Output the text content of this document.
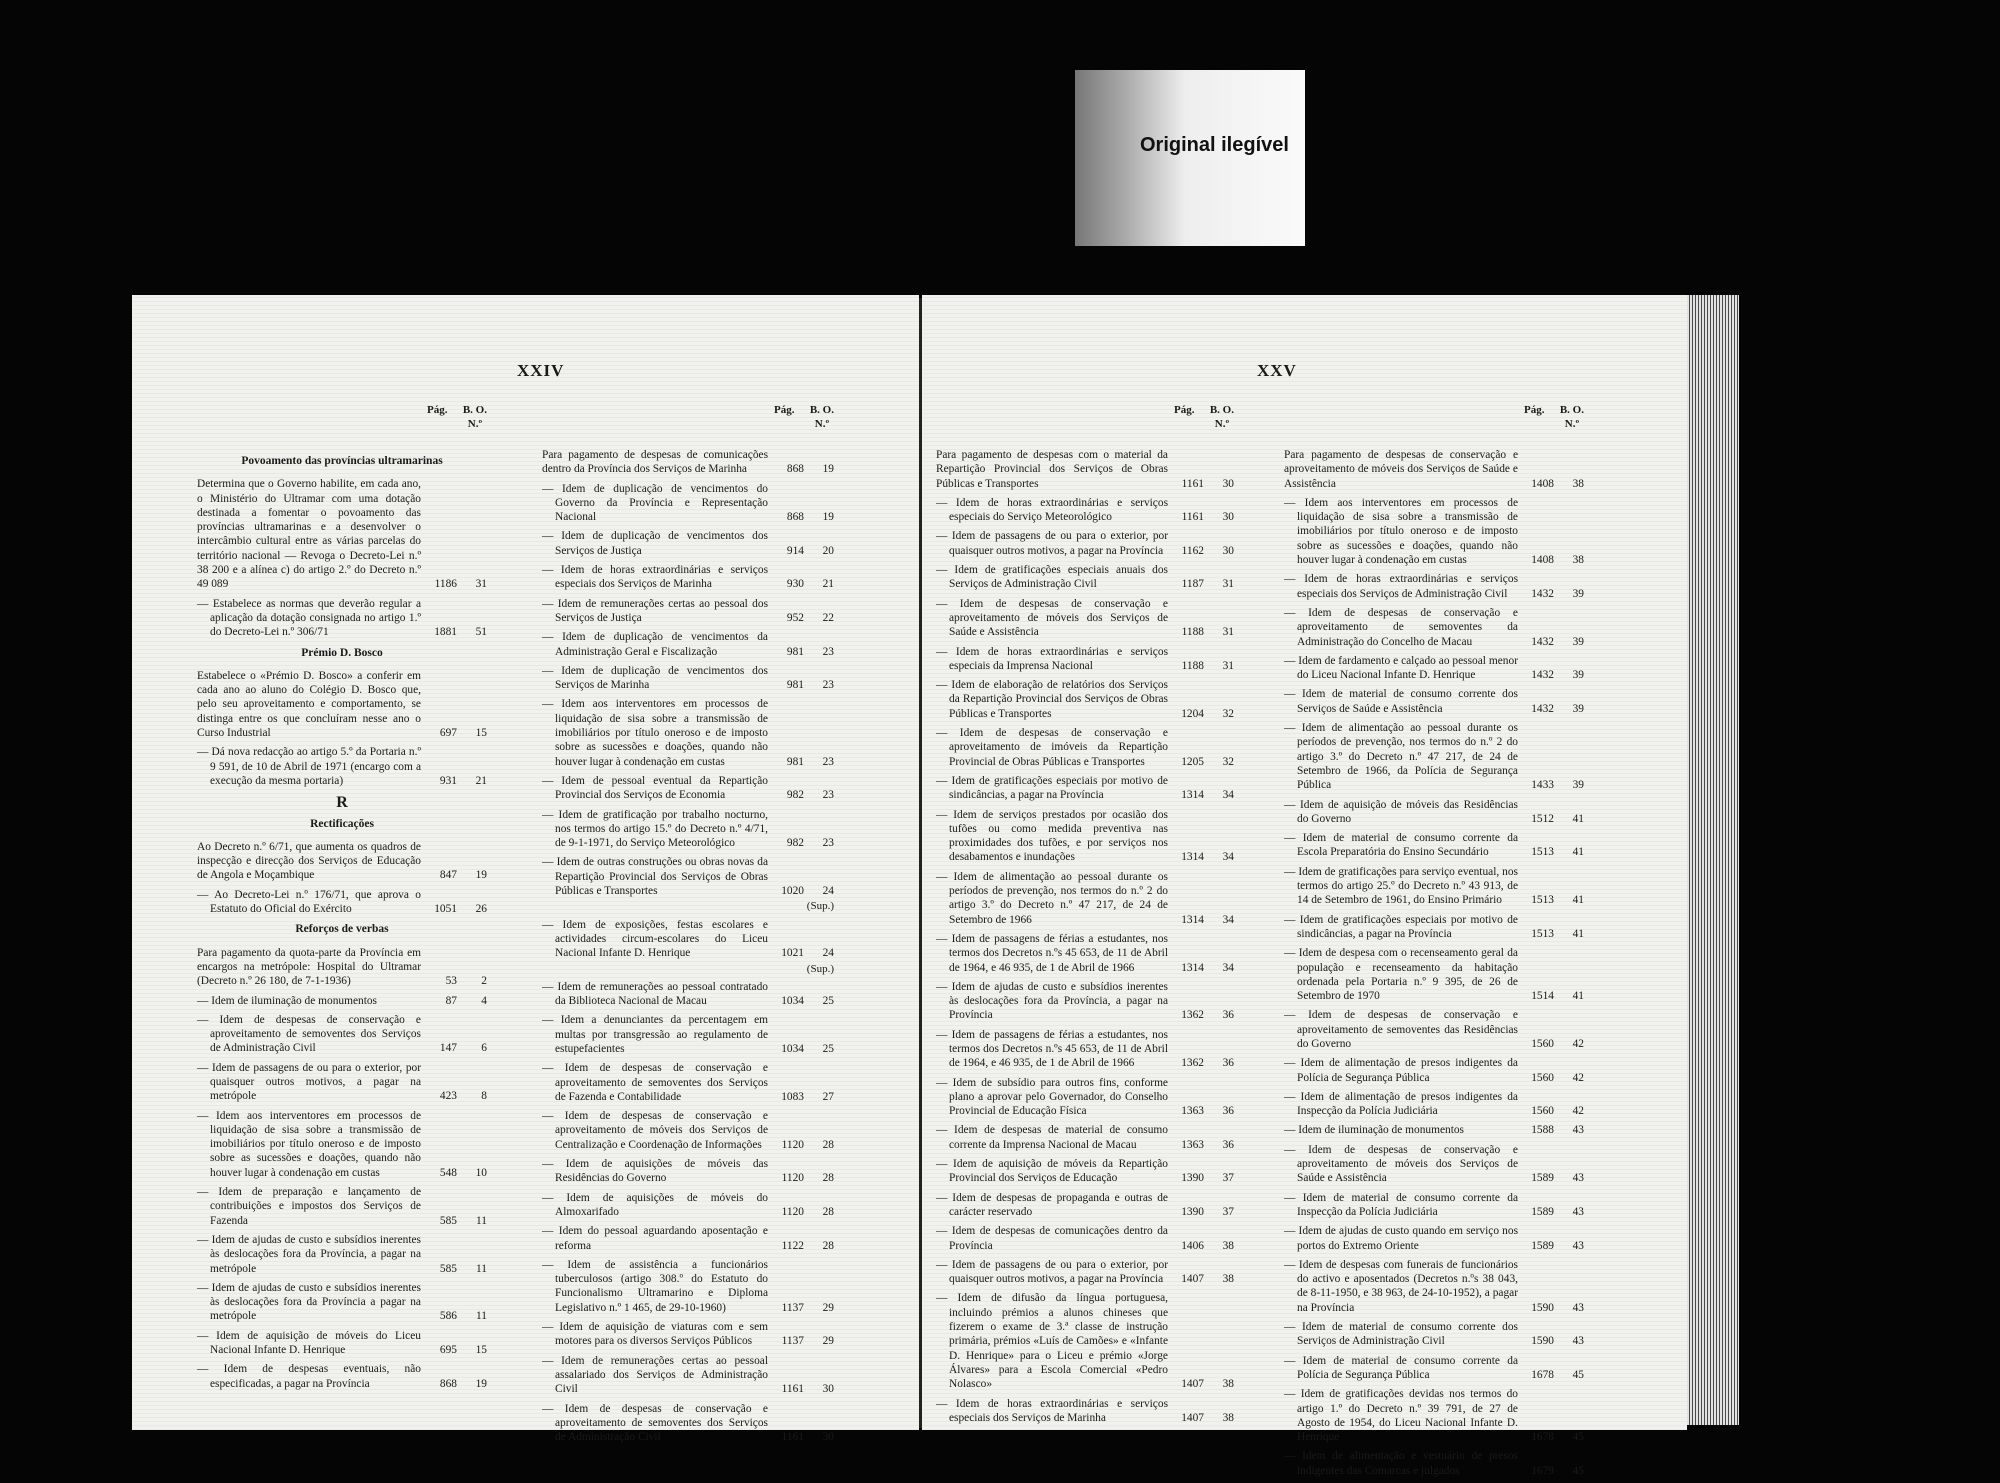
Original ilegível
XXIV
Pág. B. O.
N.º
Povoamento das províncias ultramarinas
Determina que o Governo habilite, em cada ano, o Ministério do Ultramar com uma dotação destinada a fomentar o povoamento das províncias ultramarinas e a desenvolver o intercâmbio cultural entre as várias parcelas do território nacional — Revoga o Decreto-Lei n.º 38 200 e a alínea c) do artigo 2.º do Decreto n.º 49 089	1186	31
— Estabelece as normas que deverão regular a aplicação da dotação consignada no artigo 1.º do Decreto-Lei n.º 306/71	1881	51
Prémio D. Bosco
Estabelece o «Prémio D. Bosco» a conferir em cada ano ao aluno do Colégio D. Bosco que, pelo seu aproveitamento e comportamento, se distinga entre os que concluíram nesse ano o Curso Industrial	697	15
— Dá nova redacção ao artigo 5.º da Portaria n.º 9 591, de 10 de Abril de 1971 (encargo com a execução da mesma portaria)	931	21
R
Rectificações
Ao Decreto n.º 6/71, que aumenta os quadros de inspecção e direcção dos Serviços de Educação de Angola e Moçambique	847	19
— Ao Decreto-Lei n.º 176/71, que aprova o Estatuto do Oficial do Exército	1051	26
Reforços de verbas
Para pagamento da quota-parte da Província em encargos na metrópole: Hospital do Ultramar (Decreto n.º 26 180, de 7-1-1936)	53	2
— Idem de iluminação de monumentos	87	4
— Idem de despesas de conservação e aproveitamento de semoventes dos Serviços de Administração Civil	147	6
— Idem de passagens de ou para o exterior, por quaisquer outros motivos, a pagar na metrópole	423	8
— Idem aos interventores em processos de liquidação de sisa sobre a transmissão de imobiliários por título oneroso e de imposto sobre as sucessões e doações, quando não houver lugar à condenação em custas	548	10
— Idem de preparação e lançamento de contribuições e impostos dos Serviços de Fazenda	585	11
— Idem de ajudas de custo e subsídios inerentes às deslocações fora da Província, a pagar na metrópole	585	11
— Idem de ajudas de custo e subsídios inerentes às deslocações fora da Província a pagar na metrópole	586	11
— Idem de aquisição de móveis do Liceu Nacional Infante D. Henrique	695	15
— Idem de despesas eventuais, não especificadas, a pagar na Província	868	19
Pág. B. O.
N.º
Para pagamento de despesas de comunicações dentro da Província dos Serviços de Marinha	868	19
— Idem de duplicação de vencimentos do Governo da Província e Representação Nacional	868	19
— Idem de duplicação de vencimentos dos Serviços de Justiça	914	20
— Idem de horas extraordinárias e serviços especiais dos Serviços de Marinha	930	21
— Idem de remunerações certas ao pessoal dos Serviços de Justiça	952	22
— Idem de duplicação de vencimentos da Administração Geral e Fiscalização	981	23
— Idem de duplicação de vencimentos dos Serviços de Marinha	981	23
— Idem aos interventores em processos de liquidação de sisa sobre a transmissão de imobiliários por título oneroso e de imposto sobre as sucessões e doações, quando não houver lugar à condenação em custas	981	23
— Idem de pessoal eventual da Repartição Provincial dos Serviços de Economia	982	23
— Idem de gratificação por trabalho nocturno, nos termos do artigo 15.º do Decreto n.º 4/71, de 9-1-1971, do Serviço Meteorológico	982	23
— Idem de outras construções ou obras novas da Repartição Provincial dos Serviços de Obras Públicas e Transportes	1020	24
(Sup.)
— Idem de exposições, festas escolares e actividades circum-escolares do Liceu Nacional Infante D. Henrique	1021	24
(Sup.)
— Idem de remunerações ao pessoal contratado da Biblioteca Nacional de Macau	1034	25
— Idem a denunciantes da percentagem em multas por transgressão ao regulamento de estupefacientes	1034	25
— Idem de despesas de conservação e aproveitamento de semoventes dos Serviços de Fazenda e Contabilidade	1083	27
— Idem de despesas de conservação e aproveitamento de móveis dos Serviços de Centralização e Coordenação de Informações	1120	28
— Idem de aquisições de móveis das Residências do Governo	1120	28
— Idem de aquisições de móveis do Almoxarifado	1120	28
— Idem do pessoal aguardando aposentação e reforma	1122	28
— Idem de assistência a funcionários tuberculosos (artigo 308.º do Estatuto do Funcionalismo Ultramarino e Diploma Legislativo n.º 1 465, de 29-10-1960)	1137	29
— Idem de aquisição de viaturas com e sem motores para os diversos Serviços Públicos	1137	29
— Idem de remunerações certas ao pessoal assalariado dos Serviços de Administração Civil	1161	30
— Idem de despesas de conservação e aproveitamento de semoventes dos Serviços de Administração Civil	1161	30
XXV
Pág. B. O.
N.º
Para pagamento de despesas com o material da Repartição Provincial dos Serviços de Obras Públicas e Transportes	1161	30
— Idem de horas extraordinárias e serviços especiais do Serviço Meteorológico	1161	30
— Idem de passagens de ou para o exterior, por quaisquer outros motivos, a pagar na Província	1162	30
— Idem de gratificações especiais anuais dos Serviços de Administração Civil	1187	31
— Idem de despesas de conservação e aproveitamento de móveis dos Serviços de Saúde e Assistência	1188	31
— Idem de horas extraordinárias e serviços especiais da Imprensa Nacional	1188	31
— Idem de elaboração de relatórios dos Serviços da Repartição Provincial dos Serviços de Obras Públicas e Transportes	1204	32
— Idem de despesas de conservação e aproveitamento de imóveis da Repartição Provincial de Obras Públicas e Transportes	1205	32
— Idem de gratificações especiais por motivo de sindicâncias, a pagar na Província	1314	34
— Idem de serviços prestados por ocasião dos tufões ou como medida preventiva nas proximidades dos tufões, e por serviços nos desabamentos e inundações	1314	34
— Idem de alimentação ao pessoal durante os períodos de prevenção, nos termos do n.º 2 do artigo 3.º do Decreto n.º 47 217, de 24 de Setembro de 1966	1314	34
— Idem de passagens de férias a estudantes, nos termos dos Decretos n.ºs 45 653, de 11 de Abril de 1964, e 46 935, de 1 de Abril de 1966	1314	34
— Idem de ajudas de custo e subsídios inerentes às deslocações fora da Província, a pagar na Província	1362	36
— Idem de passagens de férias a estudantes, nos termos dos Decretos n.ºs 45 653, de 11 de Abril de 1964, e 46 935, de 1 de Abril de 1966	1362	36
— Idem de subsídio para outros fins, conforme plano a aprovar pelo Governador, do Conselho Provincial de Educação Física	1363	36
— Idem de despesas de material de consumo corrente da Imprensa Nacional de Macau	1363	36
— Idem de aquisição de móveis da Repartição Provincial dos Serviços de Educação	1390	37
— Idem de despesas de propaganda e outras de carácter reservado	1390	37
— Idem de despesas de comunicações dentro da Província	1406	38
— Idem de passagens de ou para o exterior, por quaisquer outros motivos, a pagar na Província	1407	38
— Idem de difusão da língua portuguesa, incluindo prémios a alunos chineses que fizerem o exame de 3.ª classe de instrução primária, prémios «Luís de Camões» e «Infante D. Henrique» para o Liceu e prémio «Jorge Álvares» para a Escola Comercial «Pedro Nolasco»	1407	38
— Idem de horas extraordinárias e serviços especiais dos Serviços de Marinha	1407	38
Pág. B. O.
N.º
Para pagamento de despesas de conservação e aproveitamento de móveis dos Serviços de Saúde e Assistência	1408	38
— Idem aos interventores em processos de liquidação de sisa sobre a transmissão de imobiliários por título oneroso e de imposto sobre as sucessões e doações, quando não houver lugar à condenação em custas	1408	38
— Idem de horas extraordinárias e serviços especiais dos Serviços de Administração Civil	1432	39
— Idem de despesas de conservação e aproveitamento de semoventes da Administração do Concelho de Macau	1432	39
— Idem de fardamento e calçado ao pessoal menor do Liceu Nacional Infante D. Henrique	1432	39
— Idem de material de consumo corrente dos Serviços de Saúde e Assistência	1432	39
— Idem de alimentação ao pessoal durante os períodos de prevenção, nos termos do n.º 2 do artigo 3.º do Decreto n.º 47 217, de 24 de Setembro de 1966, da Polícia de Segurança Pública	1433	39
— Idem de aquisição de móveis das Residências do Governo	1512	41
— Idem de material de consumo corrente da Escola Preparatória do Ensino Secundário	1513	41
— Idem de gratificações para serviço eventual, nos termos do artigo 25.º do Decreto n.º 43 913, de 14 de Setembro de 1961, do Ensino Primário	1513	41
— Idem de gratificações especiais por motivo de sindicâncias, a pagar na Província	1513	41
— Idem de despesa com o recenseamento geral da população e recenseamento da habitação ordenada pela Portaria n.º 9 395, de 26 de Setembro de 1970	1514	41
— Idem de despesas de conservação e aproveitamento de semoventes das Residências do Governo	1560	42
— Idem de alimentação de presos indigentes da Polícia de Segurança Pública	1560	42
— Idem de alimentação de presos indigentes da Inspecção da Polícia Judiciária	1560	42
— Idem de iluminação de monumentos	1588	43
— Idem de despesas de conservação e aproveitamento de móveis dos Serviços de Saúde e Assistência	1589	43
— Idem de material de consumo corrente da Inspecção da Polícia Judiciária	1589	43
— Idem de ajudas de custo quando em serviço nos portos do Extremo Oriente	1589	43
— Idem de despesas com funerais de funcionários do activo e aposentados (Decretos n.ºs 38 043, de 8-11-1950, e 38 963, de 24-10-1952), a pagar na Província	1590	43
— Idem de material de consumo corrente dos Serviços de Administração Civil	1590	43
— Idem de material de consumo corrente da Polícia de Segurança Pública	1678	45
— Idem de gratificações devidas nos termos do artigo 1.º do Decreto n.º 39 791, de 27 de Agosto de 1954, do Liceu Nacional Infante D. Henrique	1678	45
— Idem de alimentação e vestuário de presos indigentes das Comarcas e julgados	1679	45
